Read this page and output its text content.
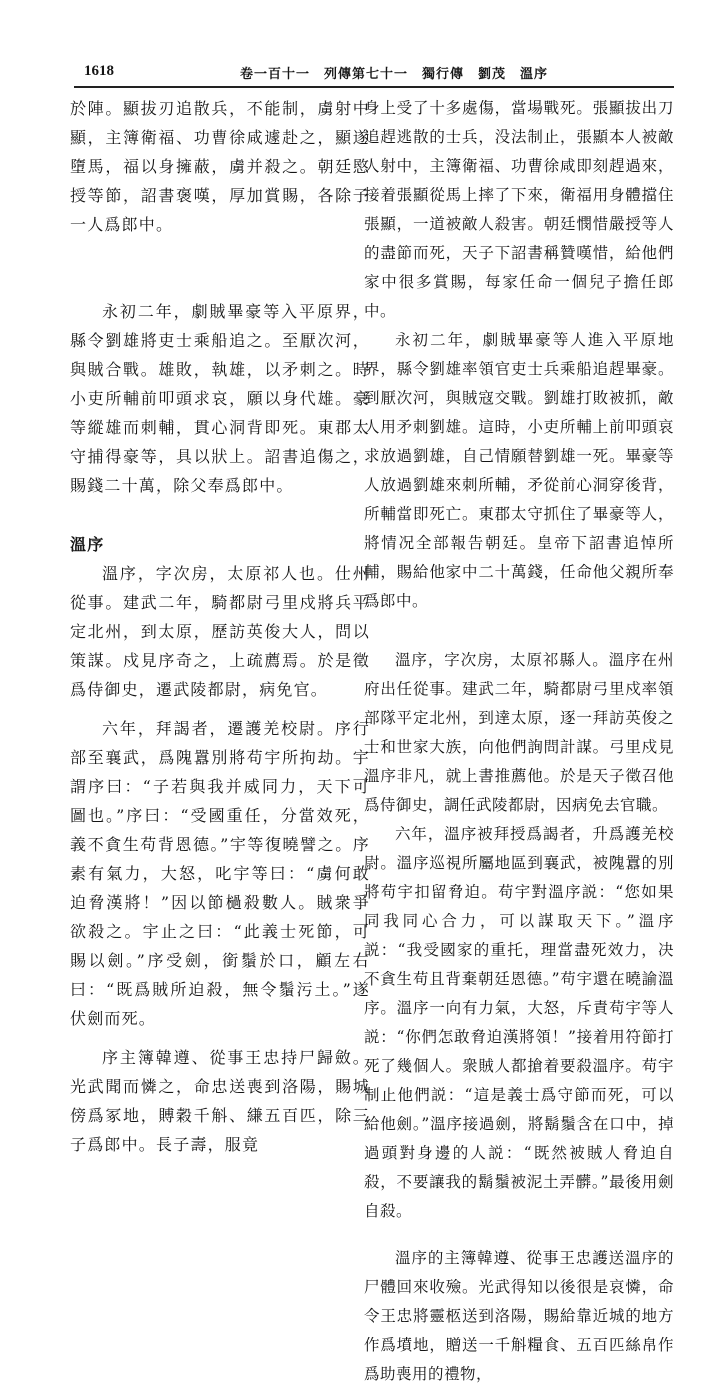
1618	卷一百十一　列傳第七十一　獨行傳　劉茂　溫序

於陣。顯拔刃追散兵，不能制，虜射中顯，主簿衛福、功曹徐咸遽赴之，顯遂墮馬，福以身擁蔽，虜并殺之。朝廷愍授等節，詔書褒嘆，厚加賞賜，各除子一人爲郎中。

永初二年，劇賊畢豪等入平原界，縣令劉雄將吏士乘船追之。至厭次河，與賊合戰。雄敗，執雄，以矛刺之。時小吏所輔前叩頭求哀，願以身代雄。豪等縱雄而刺輔，貫心洞背即死。東郡太守捕得豪等，具以狀上。詔書追傷之，賜錢二十萬，除父奉爲郎中。

溫序

溫序，字次房，太原祁人也。仕州從事。建武二年，騎都尉弓里戍將兵平定北州，到太原，歷訪英俊大人，問以策謀。戍見序奇之，上疏薦焉。於是徵爲侍御史，遷武陵都尉，病免官。

六年，拜謁者，遷護羌校尉。序行部至襄武，爲隗囂別將苟宇所拘劫。宇謂序曰：“子若與我并威同力，天下可圖也。”序曰：“受國重任，分當效死，義不貪生苟背恩德。”宇等復曉譬之。序素有氣力，大怒，叱宇等曰：“虜何敢迫脅漢將！”因以節檛殺數人。賊衆爭欲殺之。宇止之曰：“此義士死節，可賜以劍。”序受劍，銜鬚於口，顧左右曰：“既爲賊所迫殺，無令鬚污土。”遂伏劍而死。

序主簿韓遵、從事王忠持尸歸斂。光武聞而憐之，命忠送喪到洛陽，賜城傍爲冢地，賻穀千斛、縑五百匹，除三子爲郎中。長子壽，服竟

身上受了十多處傷，當場戰死。張顯拔出刀追趕逃散的士兵，没法制止，張顯本人被敵人射中，主簿衛福、功曹徐咸即刻趕過來，接着張顯從馬上摔了下來，衛福用身體擋住張顯，一道被敵人殺害。朝廷憫惜嚴授等人的盡節而死，天子下詔書稱贊嘆惜，給他們家中很多賞賜，每家任命一個兒子擔任郎中。

永初二年，劇賊畢豪等人進入平原地界，縣令劉雄率領官吏士兵乘船追趕畢豪。到厭次河，與賊寇交戰。劉雄打敗被抓，敵人用矛刺劉雄。這時，小吏所輔上前叩頭哀求放過劉雄，自己情願替劉雄一死。畢豪等人放過劉雄來刺所輔，矛從前心洞穿後背，所輔當即死亡。東郡太守抓住了畢豪等人，將情况全部報告朝廷。皇帝下詔書追悼所輔，賜給他家中二十萬錢，任命他父親所奉爲郎中。

溫序，字次房，太原祁縣人。溫序在州府出任從事。建武二年，騎都尉弓里戍率領部隊平定北州，到達太原，逐一拜訪英俊之士和世家大族，向他們詢問計謀。弓里戍見溫序非凡，就上書推薦他。於是天子徵召他爲侍御史，調任武陵都尉，因病免去官職。

六年，溫序被拜授爲謁者，升爲護羌校尉。溫序巡視所屬地區到襄武，被隗囂的別將苟宇扣留脅迫。苟宇對溫序説：“您如果同我同心合力，可以謀取天下。”溫序説：“我受國家的重托，理當盡死效力，决不貪生苟且背棄朝廷恩德。”苟宇還在曉諭溫序。溫序一向有力氣，大怒，斥責苟宇等人説：“你們怎敢脅迫漢將領！”接着用符節打死了幾個人。衆賊人都搶着要殺溫序。苟宇制止他們説：“這是義士爲守節而死，可以給他劍。”溫序接過劍，將鬍鬚含在口中，掉過頭對身邊的人説：“既然被賊人脅迫自殺，不要讓我的鬍鬚被泥土弄髒。”最後用劍自殺。

溫序的主簿韓遵、從事王忠護送溫序的尸體回來收殮。光武得知以後很是哀憐，命令王忠將靈柩送到洛陽，賜給靠近城的地方作爲墳地，贈送一千斛糧食、五百匹絲帛作爲助喪用的禮物，
